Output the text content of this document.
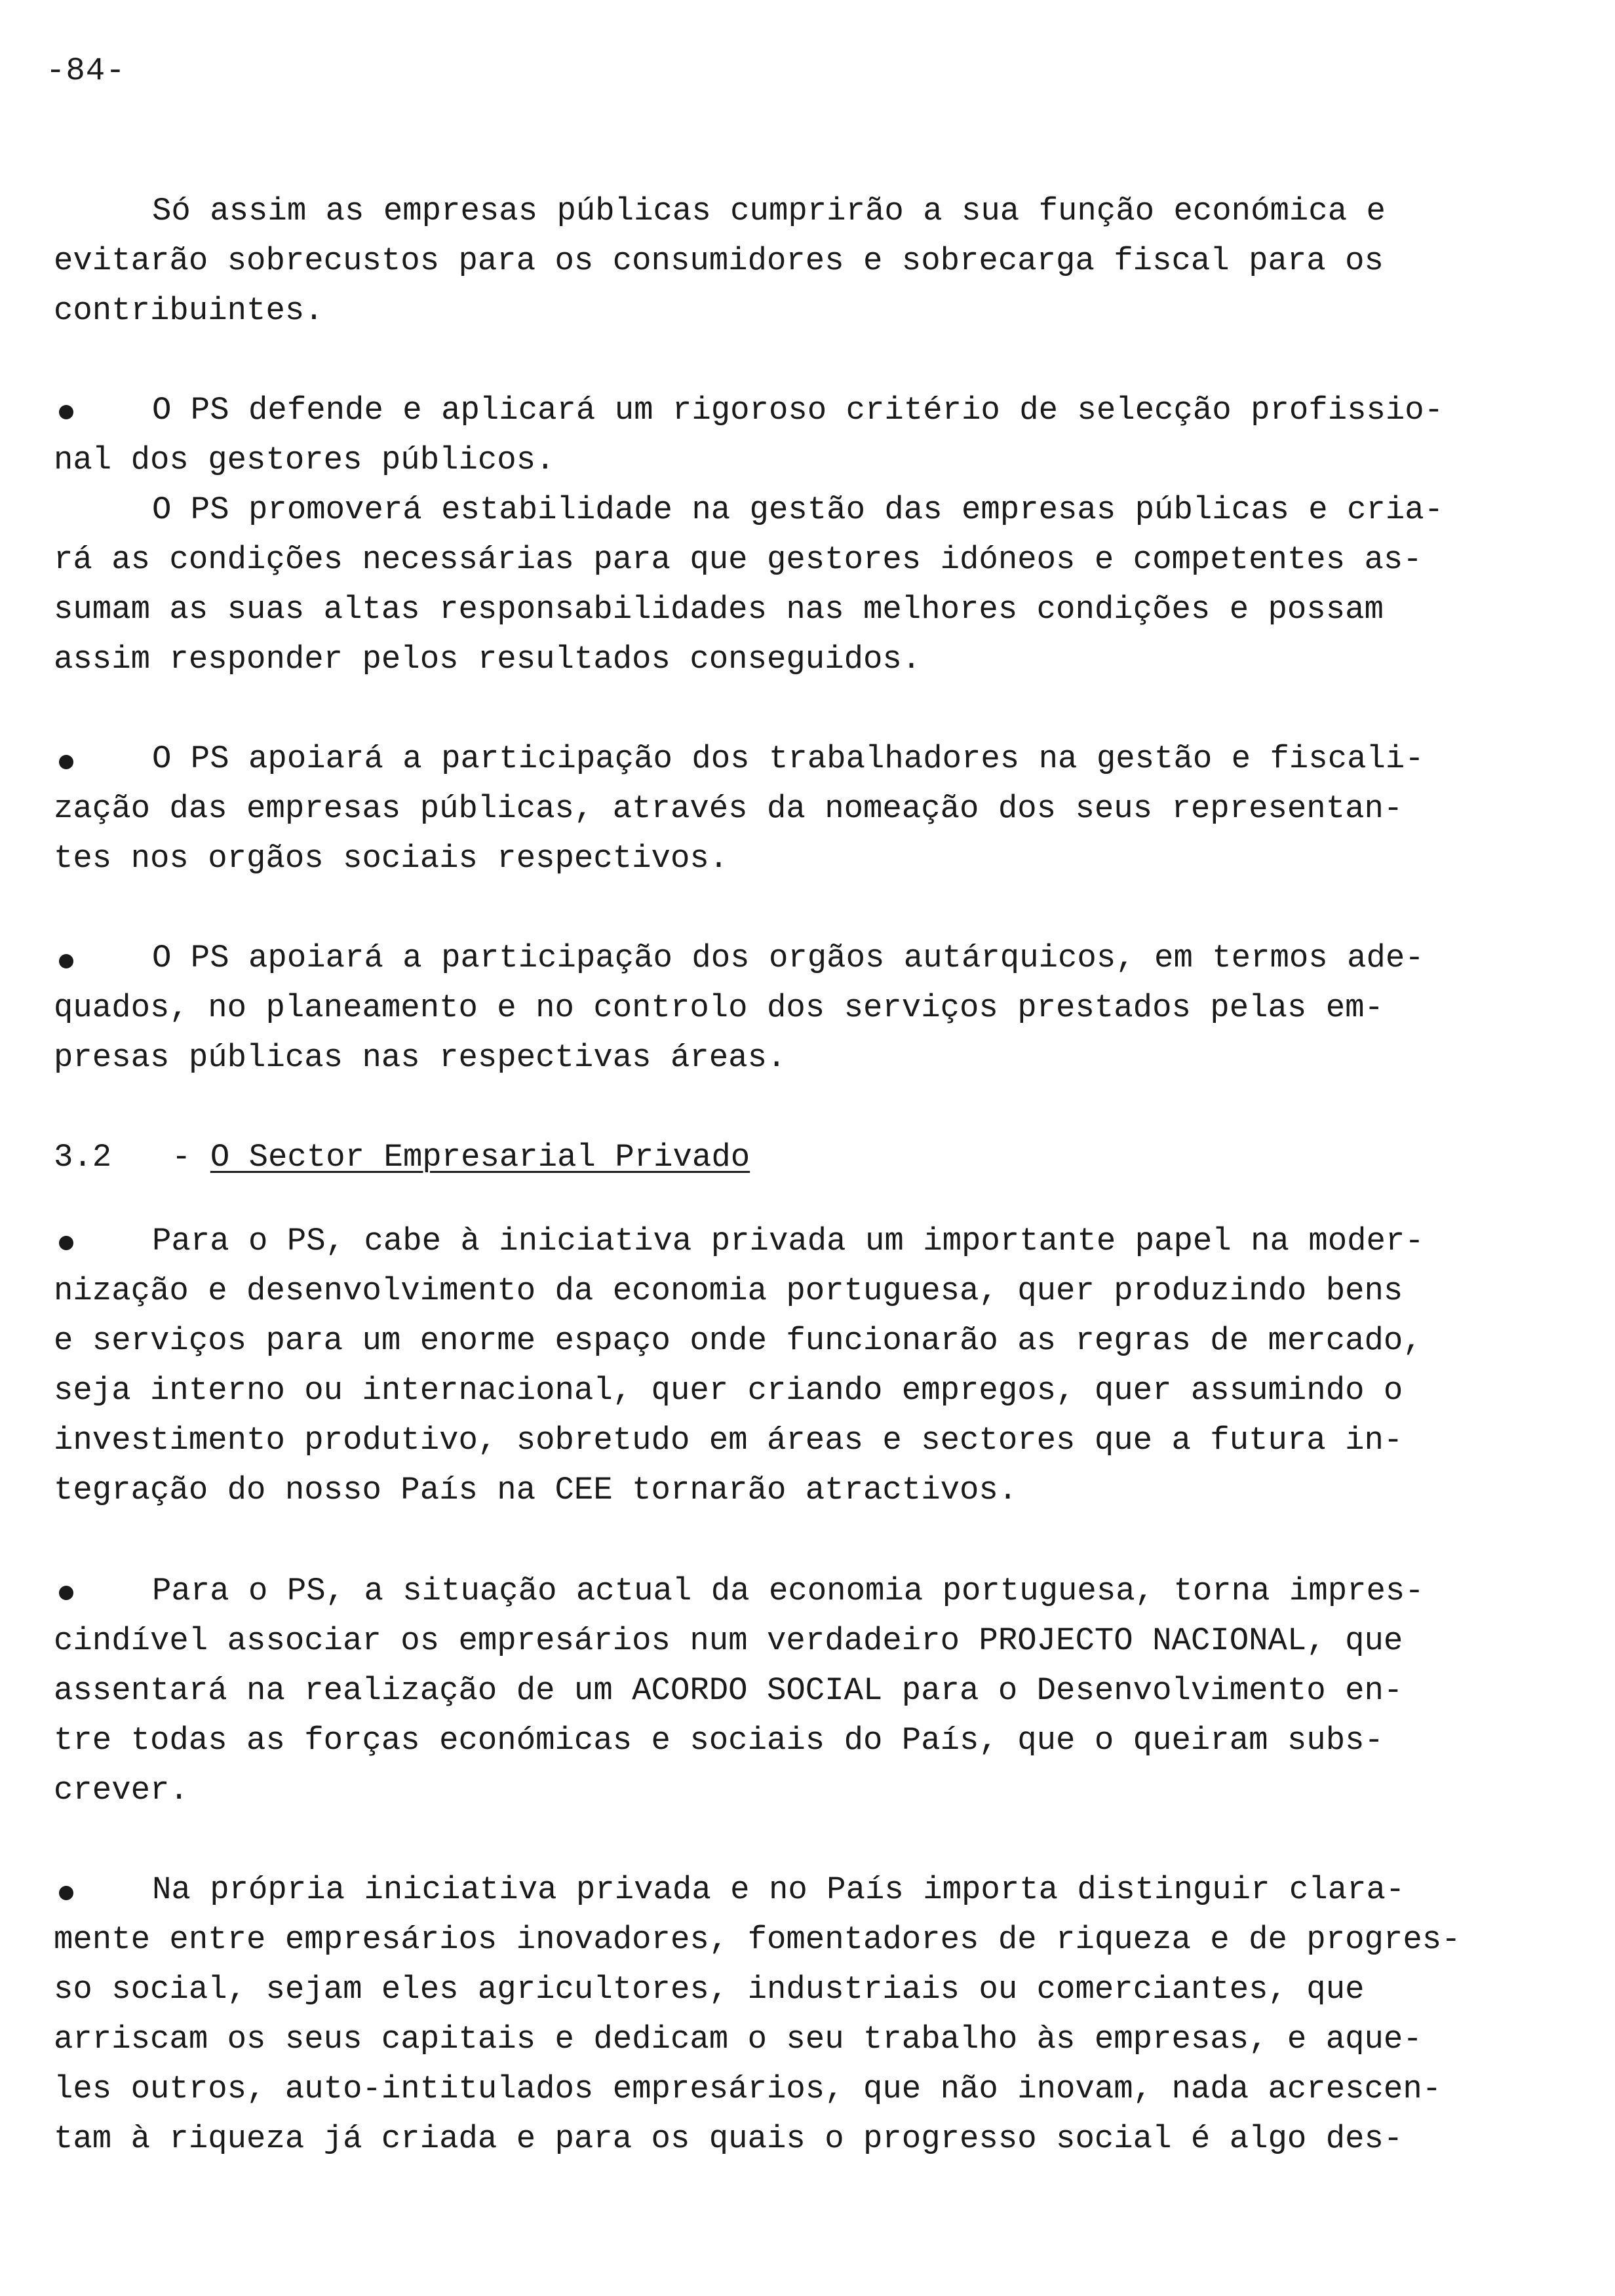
-84-
Só assim as empresas públicas cumprirão a sua função económica e
evitarão sobrecustos para os consumidores e sobrecarga fiscal para os
contribuintes.
O PS defende e aplicará um rigoroso critério de selecção profissio-
nal dos gestores públicos.
O PS promoverá estabilidade na gestão das empresas públicas e cria-
rá as condições necessárias para que gestores idóneos e competentes as-
sumam as suas altas responsabilidades nas melhores condições e possam
assim responder pelos resultados conseguidos.
O PS apoiará a participação dos trabalhadores na gestão e fiscali-
zação das empresas públicas, através da nomeação dos seus representan-
tes nos orgãos sociais respectivos.
O PS apoiará a participação dos orgãos autárquicos, em termos ade-
quados, no planeamento e no controlo dos serviços prestados pelas em-
presas públicas nas respectivas áreas.
3.2 - O Sector Empresarial Privado
Para o PS, cabe à iniciativa privada um importante papel na moder-
nização e desenvolvimento da economia portuguesa, quer produzindo bens
e serviços para um enorme espaço onde funcionarão as regras de mercado,
seja interno ou internacional, quer criando empregos, quer assumindo o
investimento produtivo, sobretudo em áreas e sectores que a futura in-
tegração do nosso País na CEE tornarão atractivos.
Para o PS, a situação actual da economia portuguesa, torna impres-
cindível associar os empresários num verdadeiro PROJECTO NACIONAL, que
assentará na realização de um ACORDO SOCIAL para o Desenvolvimento en-
tre todas as forças económicas e sociais do País, que o queiram subs-
crever.
Na própria iniciativa privada e no País importa distinguir clara-
mente entre empresários inovadores, fomentadores de riqueza e de progres-
so social, sejam eles agricultores, industriais ou comerciantes, que
arriscam os seus capitais e dedicam o seu trabalho às empresas, e aque-
les outros, auto-intitulados empresários, que não inovam, nada acrescen-
tam à riqueza já criada e para os quais o progresso social é algo des-
